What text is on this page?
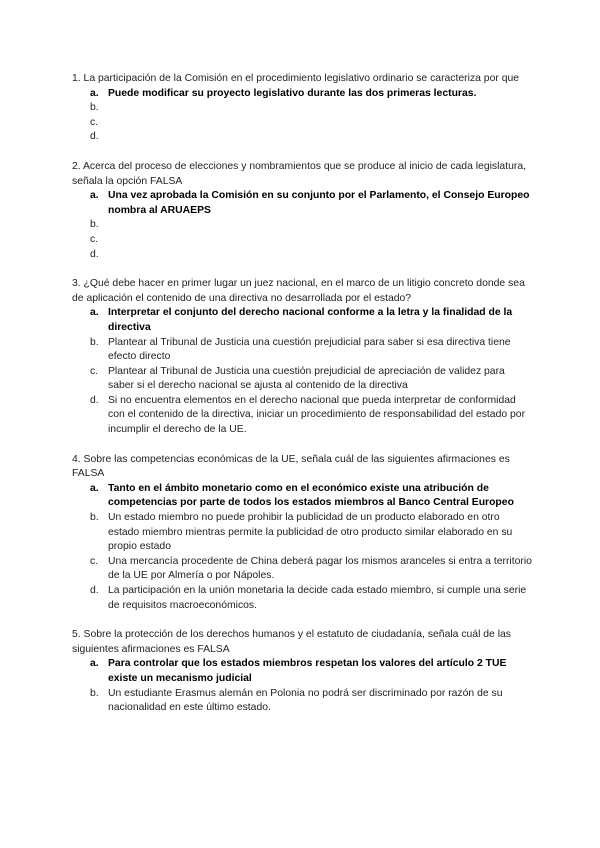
1. La participación de la Comisión en el procedimiento legislativo ordinario se caracteriza por que

a. Puede modificar su proyecto legislativo durante las dos primeras lecturas.
b.

c.

d.

2. Acerca del proceso de elecciones y nombramientos que se produce al inicio de cada legislatura, señala la opción FALSA

a. Una vez aprobada la Comisión en su conjunto por el Parlamento, el Consejo Europeo nombra al ARUAEPS
b.

c.

d.

3. ¿Qué debe hacer en primer lugar un juez nacional, en el marco de un litigio concreto donde sea de aplicación el contenido de una directiva no desarrollada por el estado?

a. Interpretar el conjunto del derecho nacional conforme a la letra y la finalidad de la directiva
b. Plantear al Tribunal de Justicia una cuestión prejudicial para saber si esa directiva tiene efecto directo
c. Plantear al Tribunal de Justicia una cuestión prejudicial de apreciación de validez para saber si el derecho nacional se ajusta al contenido de la directiva
d. Si no encuentra elementos en el derecho nacional que pueda interpretar de conformidad con el contenido de la directiva, iniciar un procedimiento de responsabilidad del estado por incumplir el derecho de la UE.

4. Sobre las competencias económicas de la UE, señala cuál de las siguientes afirmaciones es FALSA

a. Tanto en el ámbito monetario como en el económico existe una atribución de competencias por parte de todos los estados miembros al Banco Central Europeo
b. Un estado miembro no puede prohibir la publicidad de un producto elaborado en otro estado miembro mientras permite la publicidad de otro producto similar elaborado en su propio estado
c. Una mercancía procedente de China deberá pagar los mismos aranceles si entra a territorio de la UE por Almería o por Nápoles.
d. La participación en la unión monetaria la decide cada estado miembro, si cumple una serie de requisitos macroeconómicos.

5. Sobre la protección de los derechos humanos y el estatuto de ciudadanía, señala cuál de las siguientes afirmaciones es FALSA

a. Para controlar que los estados miembros respetan los valores del artículo 2 TUE existe un mecanismo judicial
b. Un estudiante Erasmus alemán en Polonia no podrá ser discriminado por razón de su nacionalidad en este último estado.
